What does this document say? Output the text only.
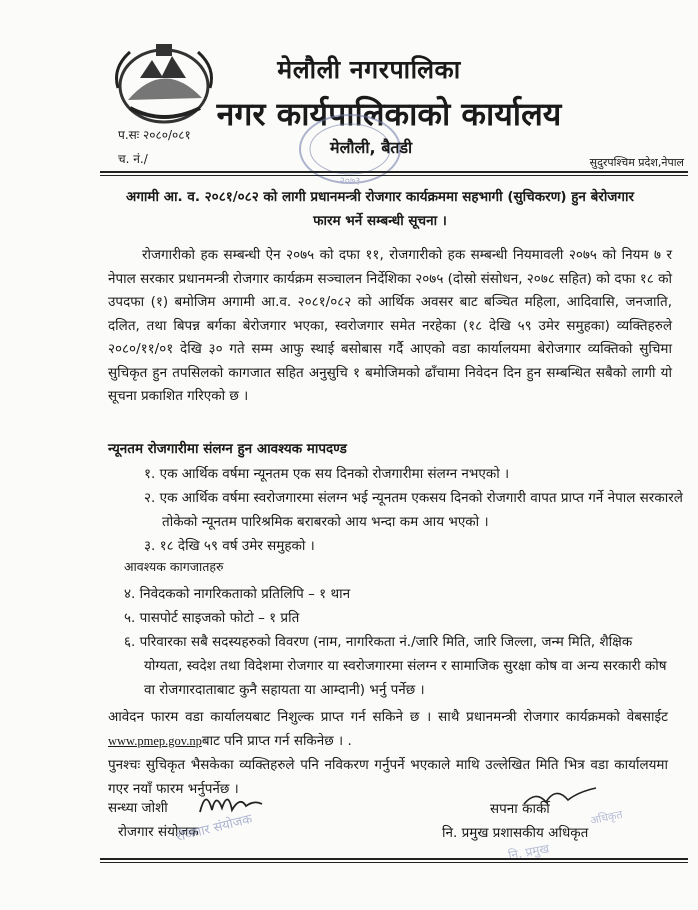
मेलौली नगरपालिका
नगर कार्यपालिकाको कार्यालय
२०७३
मेलौली, बैतडी
प.सः २०८०/०८१
च. नं./	सुदुरपश्चिम प्रदेश,नेपाल
अगामी आ. व. २०८१/०८२ को लागी प्रधानमन्त्री रोजगार कार्यक्रममा सहभागी (सुचिकरण) हुन बेरोजगार फारम भर्ने सम्बन्धी सूचना ।
रोजगारीको हक सम्बन्धी ऐन २०७५ को दफा ११, रोजगारीको हक सम्बन्धी नियमावली २०७५ को नियम ७ र नेपाल सरकार प्रधानमन्त्री रोजगार कार्यक्रम सञ्चालन निर्देशिका २०७५ (दोस्रो संसोधन, २०७८ सहित) को दफा १८ को उपदफा (१) बमोजिम अगामी आ.व. २०८१/०८२ को आर्थिक अवसर बाट बञ्चित महिला, आदिवासि, जनजाति, दलित, तथा बिपन्न बर्गका बेरोजगार भएका, स्वरोजगार समेत नरहेका (१८ देखि ५९ उमेर समुहका) व्यक्तिहरुले २०८०/११/०१ देखि ३० गते सम्म आफु स्थाई बसोबास गर्दै आएको वडा कार्यालयमा बेरोजगार व्यक्तिको सुचिमा सुचिकृत हुन तपसिलको कागजात सहित अनुसुचि १ बमोजिमको ढाँचामा निवेदन दिन हुन सम्बन्धित सबैको लागी यो सूचना प्रकाशित गरिएको छ ।
न्यूनतम रोजगारीमा संलग्न हुन आवश्यक मापदण्ड
१. एक आर्थिक वर्षमा न्यूनतम एक सय दिनको रोजगारीमा संलग्न नभएको ।
२. एक आर्थिक वर्षमा स्वरोजगारमा संलग्न भई न्यूनतम एकसय दिनको रोजगारी वापत प्राप्त गर्ने नेपाल सरकारले तोकेको न्यूनतम पारिश्रमिक बराबरको आय भन्दा कम आय भएको ।
३. १८ देखि ५९ वर्ष उमेर समुहको ।
आवश्यक कागजातहरु
४. निवेदकको नागरिकताको प्रतिलिपि – १ थान
५. पासपोर्ट साइजको फोटो – १ प्रति
६. परिवारका सबै सदस्यहरुको विवरण (नाम, नागरिकता नं./जारि मिति, जारि जिल्ला, जन्म मिति, शैक्षिक योग्यता, स्वदेश तथा विदेशमा रोजगार या स्वरोजगारमा संलग्न र सामाजिक सुरक्षा कोष वा अन्य सरकारी कोष वा रोजगारदाताबाट कुनै सहायता या आम्दानी) भर्नु पर्नेछ ।
आवेदन फारम वडा कार्यालयबाट निशुल्क प्राप्त गर्न सकिने छ । साथै प्रधानमन्त्री रोजगार कार्यक्रमको वेबसाईट www.pmep.gov.npबाट पनि प्राप्त गर्न सकिनेछ । .
पुनश्चः सुचिकृत भैसकेका व्यक्तिहरुले पनि नविकरण गर्नुपर्ने भएकाले माथि उल्लेखित मिति भित्र वडा कार्यालयमा गएर नयाँ फारम भर्नुपर्नेछ ।
सन्ध्या जोशी
रोजगार संयोजक
रोजगार संयोजक
सपना कार्की
नि. प्रमुख प्रशासकीय अधिकृत
नि. प्रमुख
अधिकृत
